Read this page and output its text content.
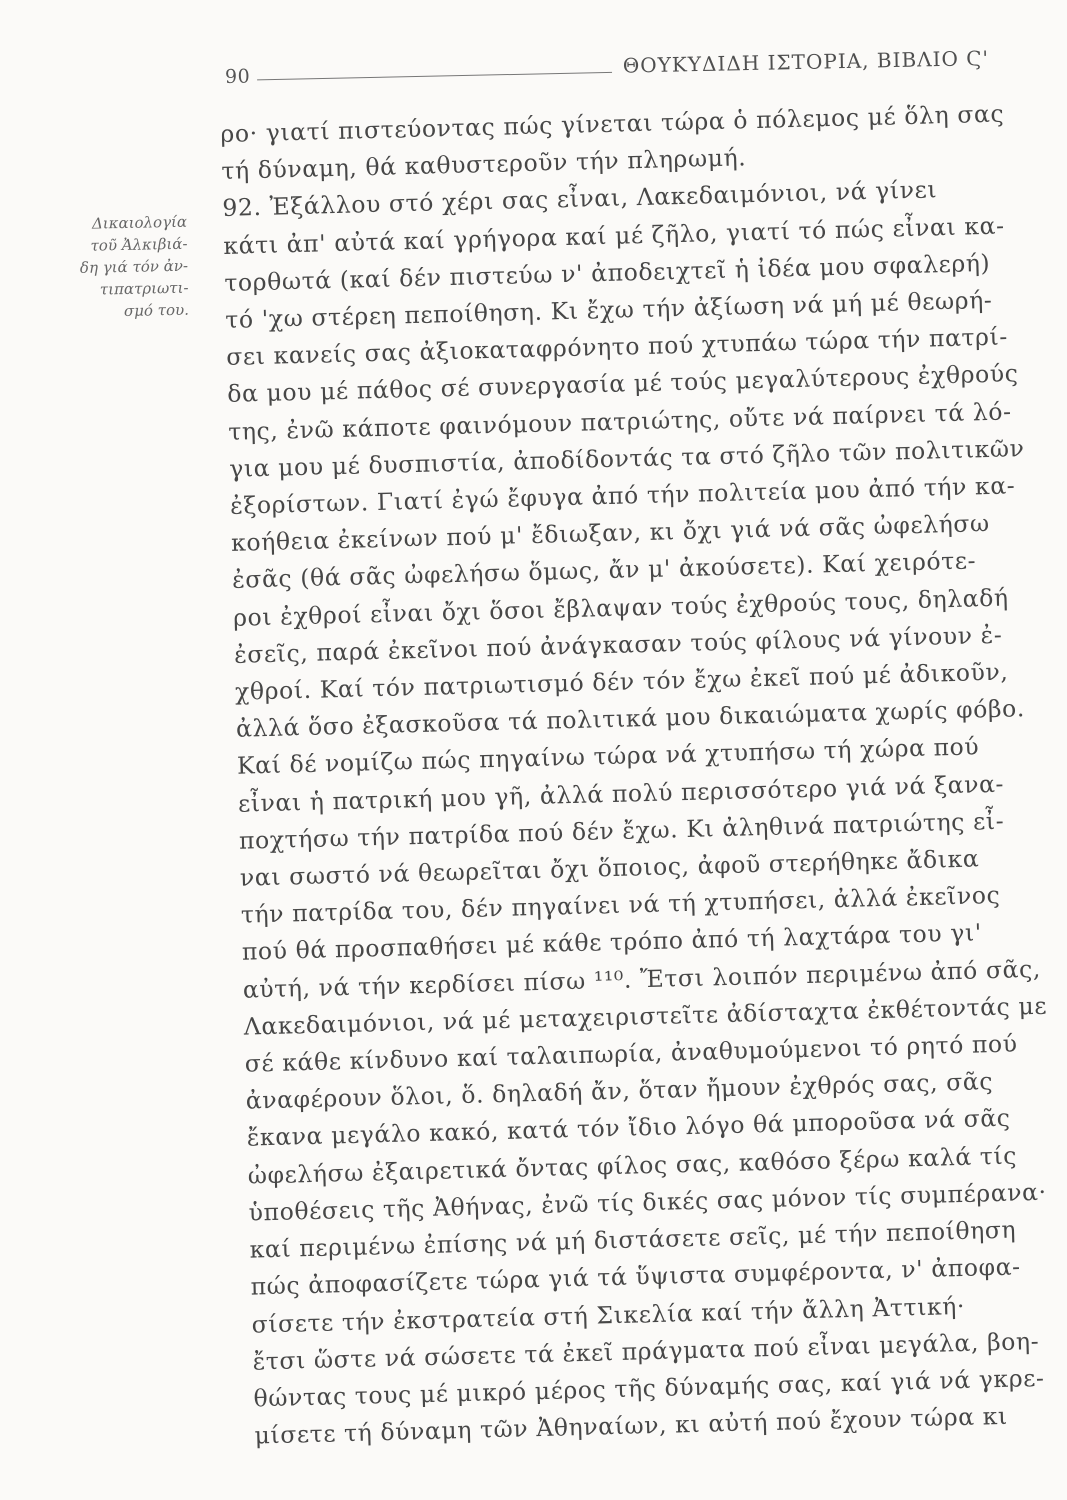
90	ΘΟΥΚΥΔΙΔΗ ΙΣΤΟΡΙΑ, ΒΙΒΛΙΟ Ϛ'
Δικαιολογία
τοῦ Ἀλκιβιά-
δη γιά τόν ἀν-
τιπατριωτι-
σμό του.
ρο· γιατί πιστεύοντας πώς γίνεται τώρα ὁ πόλεμος μέ ὅλη σας
τή δύναμη, θά καθυστεροῦν τήν πληρωμή.
92. Ἐξάλλου στό χέρι σας εἶναι, Λακεδαιμόνιοι, νά γίνει
κάτι ἀπ' αὐτά καί γρήγορα καί μέ ζῆλο, γιατί τό πώς εἶναι κα-
τορθωτά (καί δέν πιστεύω ν' ἀποδειχτεῖ ἡ ἰδέα μου σφαλερή)
τό 'χω στέρεη πεποίθηση. Κι ἔχω τήν ἀξίωση νά μή μέ θεωρή-
σει κανείς σας ἀξιοκαταφρόνητο πού χτυπάω τώρα τήν πατρί-
δα μου μέ πάθος σέ συνεργασία μέ τούς μεγαλύτερους ἐχθρούς
της, ἐνῶ κάποτε φαινόμουν πατριώτης, οὔτε νά παίρνει τά λό-
για μου μέ δυσπιστία, ἀποδίδοντάς τα στό ζῆλο τῶν πολιτικῶν
ἐξορίστων. Γιατί ἐγώ ἔφυγα ἀπό τήν πολιτεία μου ἀπό τήν κα-
κοήθεια ἐκείνων πού μ' ἔδιωξαν, κι ὄχι γιά νά σᾶς ὠφελήσω
ἐσᾶς (θά σᾶς ὠφελήσω ὅμως, ἄν μ' ἀκούσετε). Καί χειρότε-
ροι ἐχθροί εἶναι ὄχι ὅσοι ἔβλαψαν τούς ἐχθρούς τους, δηλαδή
ἐσεῖς, παρά ἐκεῖνοι πού ἀνάγκασαν τούς φίλους νά γίνουν ἐ-
χθροί. Καί τόν πατριωτισμό δέν τόν ἔχω ἐκεῖ πού μέ ἀδικοῦν,
ἀλλά ὅσο ἐξασκοῦσα τά πολιτικά μου δικαιώματα χωρίς φόβο.
Καί δέ νομίζω πώς πηγαίνω τώρα νά χτυπήσω τή χώρα πού
εἶναι ἡ πατρική μου γῆ, ἀλλά πολύ περισσότερο γιά νά ξανα-
ποχτήσω τήν πατρίδα πού δέν ἔχω. Κι ἀληθινά πατριώτης εἶ-
ναι σωστό νά θεωρεῖται ὄχι ὅποιος, ἀφοῦ στερήθηκε ἄδικα
τήν πατρίδα του, δέν πηγαίνει νά τή χτυπήσει, ἀλλά ἐκεῖνος
πού θά προσπαθήσει μέ κάθε τρόπο ἀπό τή λαχτάρα του γι'
αὐτή, νά τήν κερδίσει πίσω ¹¹⁰. Ἔτσι λοιπόν περιμένω ἀπό σᾶς,
Λακεδαιμόνιοι, νά μέ μεταχειριστεῖτε ἀδίσταχτα ἐκθέτοντάς με
σέ κάθε κίνδυνο καί ταλαιπωρία, ἀναθυμούμενοι τό ρητό πού
ἀναφέρουν ὅλοι, ὅ. δηλαδή ἄν, ὅταν ἤμουν ἐχθρός σας, σᾶς
ἔκανα μεγάλο κακό, κατά τόν ἴδιο λόγο θά μποροῦσα νά σᾶς
ὠφελήσω ἐξαιρετικά ὄντας φίλος σας, καθόσο ξέρω καλά τίς
ὑποθέσεις τῆς Ἀθήνας, ἐνῶ τίς δικές σας μόνον τίς συμπέρανα·
καί περιμένω ἐπίσης νά μή διστάσετε σεῖς, μέ τήν πεποίθηση
πώς ἀποφασίζετε τώρα γιά τά ὕψιστα συμφέροντα, ν' ἀποφα-
σίσετε τήν ἐκστρατεία στή Σικελία καί τήν ἄλλη Ἀττική·
ἔτσι ὥστε νά σώσετε τά ἐκεῖ πράγματα πού εἶναι μεγάλα, βοη-
θώντας τους μέ μικρό μέρος τῆς δύναμής σας, καί γιά νά γκρε-
μίσετε τή δύναμη τῶν Ἀθηναίων, κι αὐτή πού ἔχουν τώρα κι
